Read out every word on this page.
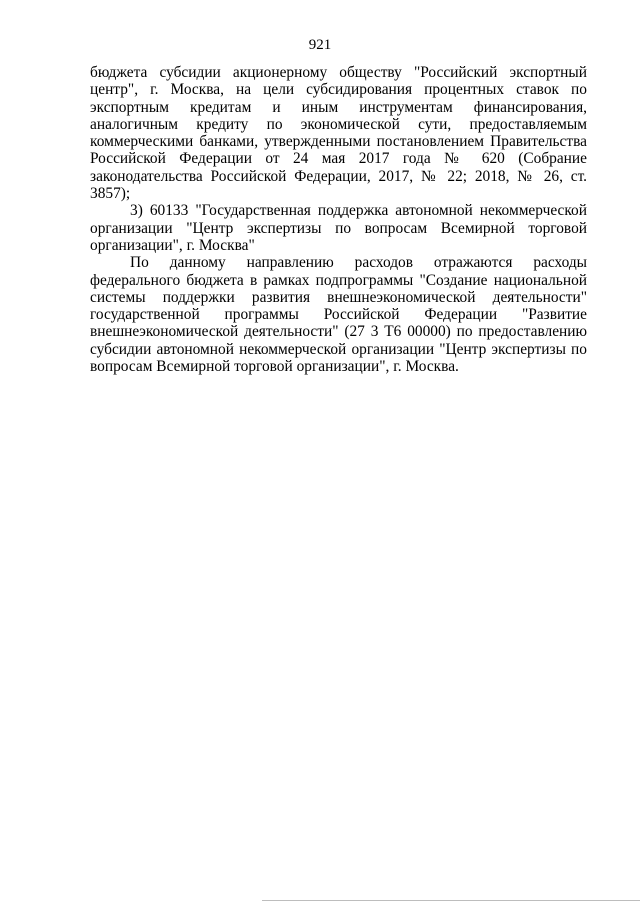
921

бюджета субсидии акционерному обществу "Российский экспортный центр", г. Москва, на цели субсидирования процентных ставок по экспортным кредитам и иным инструментам финансирования, аналогичным кредиту по экономической сути, предоставляемым коммерческими банками, утвержденными постановлением Правительства Российской Федерации от 24 мая 2017 года № 620 (Собрание законодательства Российской Федерации, 2017, № 22; 2018, № 26, ст. 3857);

3) 60133 "Государственная поддержка автономной некоммерческой организации "Центр экспертизы по вопросам Всемирной торговой организации", г. Москва"

По данному направлению расходов отражаются расходы федерального бюджета в рамках подпрограммы "Создание национальной системы поддержки развития внешнеэкономической деятельности" государственной программы Российской Федерации "Развитие внешнеэкономической деятельности" (27 3 Т6 00000) по предоставлению субсидии автономной некоммерческой организации "Центр экспертизы по вопросам Всемирной торговой организации", г. Москва.
